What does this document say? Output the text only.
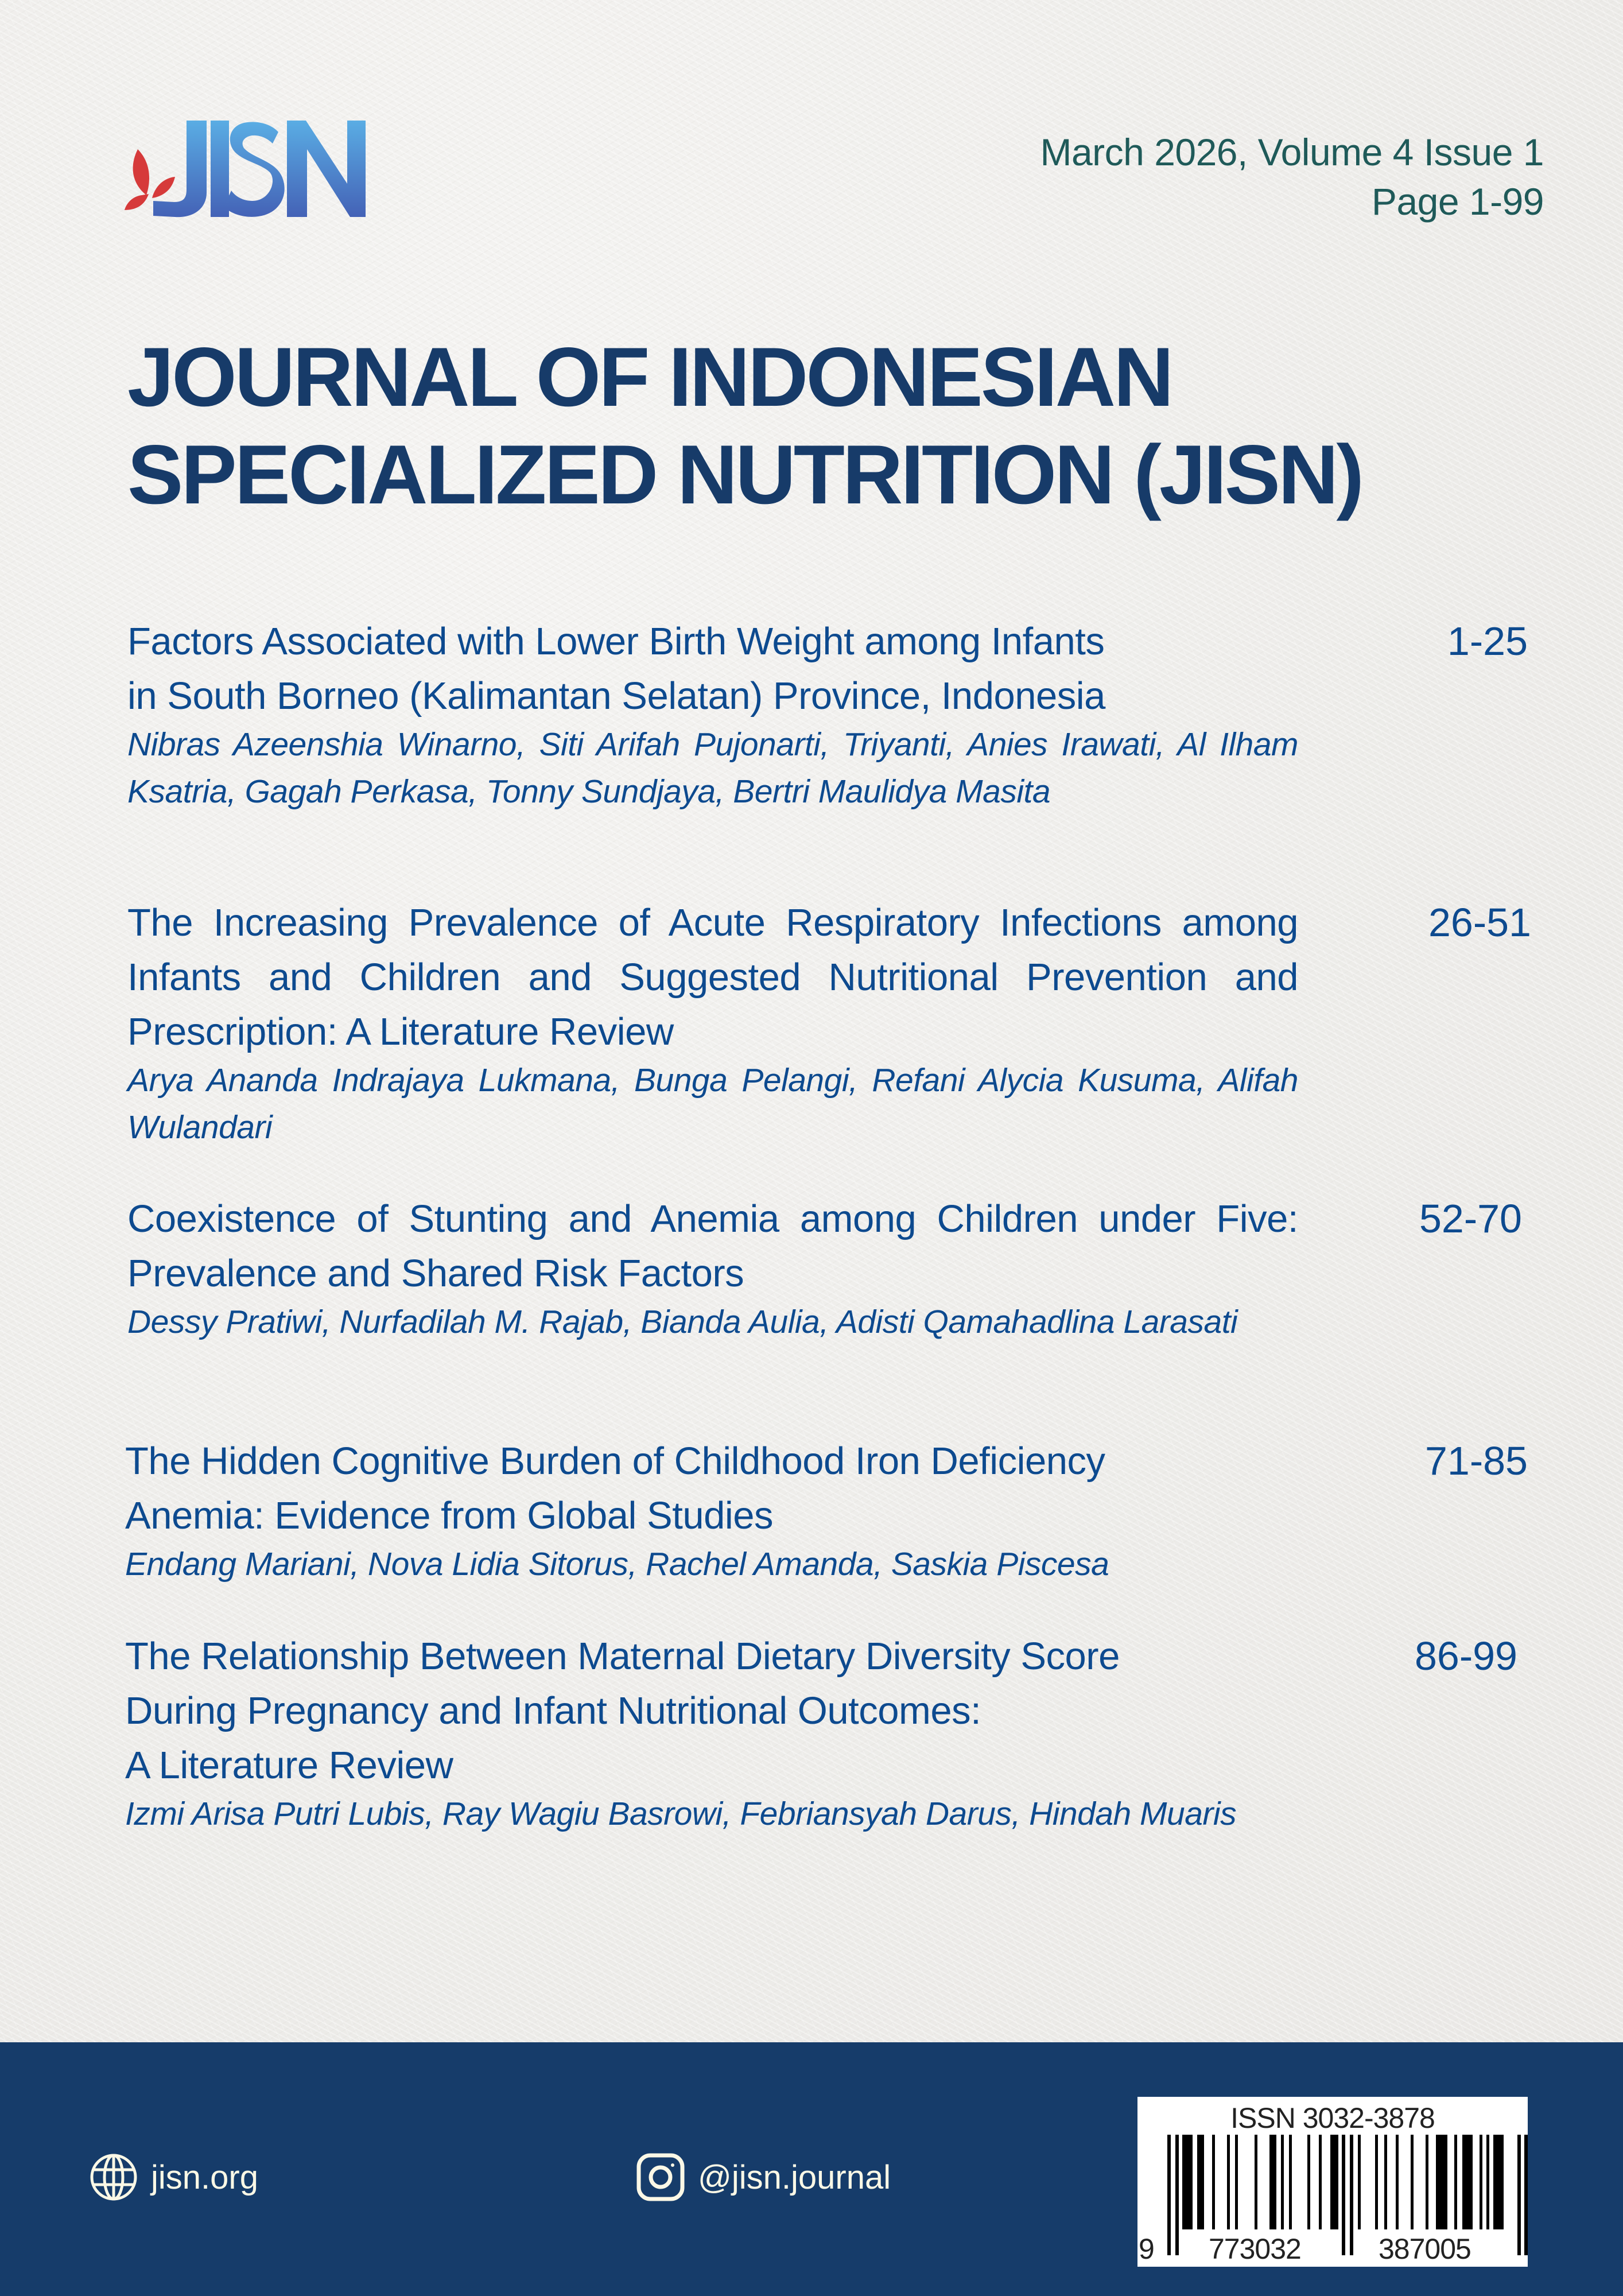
March 2026, Volume 4 Issue 1
Page 1-99
JOURNAL OF INDONESIAN
SPECIALIZED NUTRITION (JISN)

Factors Associated with Lower Birth Weight among Infants
in South Borneo (Kalimantan Selatan) Province, Indonesia

Nibras Azeenshia Winarno, Siti Arifah Pujonarti, Triyanti, Anies Irawati, Al Ilham Ksatria, Gagah Perkasa, Tonny Sundjaya, Bertri Maulidya Masita

1-25

The Increasing Prevalence of Acute Respiratory Infections among Infants and Children and Suggested Nutritional Prevention and Prescription: A Literature Review

Arya Ananda Indrajaya Lukmana, Bunga Pelangi, Refani Alycia Kusuma, Alifah Wulandari

26-51

Coexistence of Stunting and Anemia among Children under Five: Prevalence and Shared Risk Factors

Dessy Pratiwi, Nurfadilah M. Rajab, Bianda Aulia, Adisti Qamahadlina Larasati

52-70

The Hidden Cognitive Burden of Childhood Iron Deficiency
Anemia: Evidence from Global Studies

Endang Mariani, Nova Lidia Sitorus, Rachel Amanda, Saskia Piscesa

71-85

The Relationship Between Maternal Dietary Diversity Score
During Pregnancy and Infant Nutritional Outcomes:
A Literature Review

Izmi Arisa Putri Lubis, Ray Wagiu Basrowi, Febriansyah Darus, Hindah Muaris

86-99
jisn.org	@jisn.journal
ISSN 3032-3878
9 773032	387005
